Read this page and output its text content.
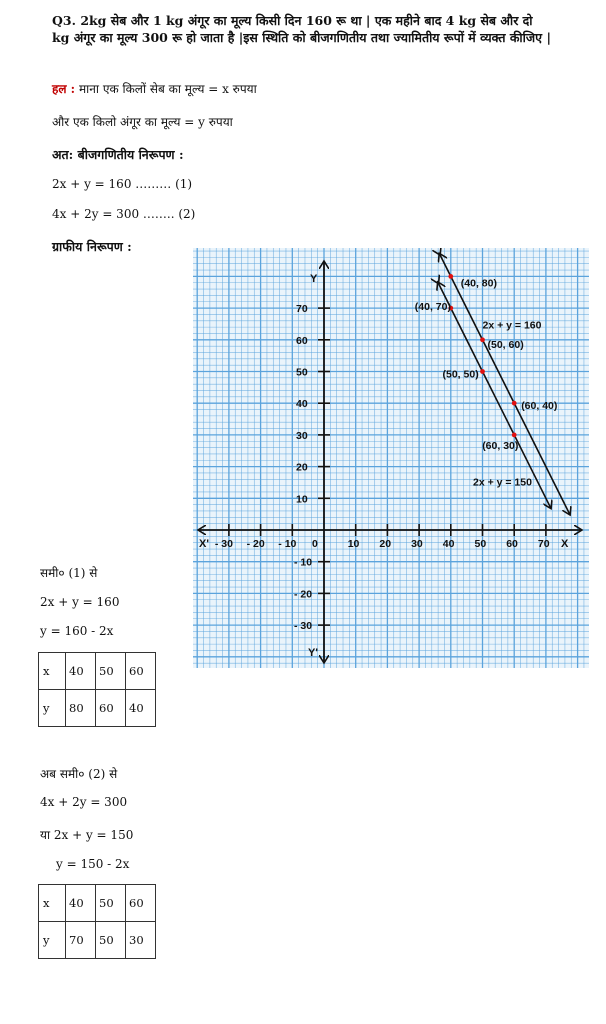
Q3. 2kg सेब और 1 kg अंगूर का मूल्य किसी दिन 160 रू था | एक महीने बाद 4 kg सेब और दो kg अंगूर का मूल्य 300 रू हो जाता है |इस स्थिति को बीजगणितीय तथा ज्यामितीय रूपों में व्यक्त कीजिए |
हल : माना एक किलों सेब का मूल्य = x रुपया
और एक किलो अंगूर का मूल्य = y रुपया
अत: बीजगणितीय निरूपण :
2x + y = 160 ……… (1)
4x + 2y = 300 …….. (2)
ग्राफीय निरूपण :
समी० (1) से
2x + y = 160
y = 160 - 2x
x	40	50	60
y	80	60	40
अब समी० (2) से
4x + 2y = 300
या 2x + y = 150
y = 150 - 2x
x	40	50	60
y	70	50	30
X
X'
Y
Y'
- 30 - 20 - 10 0	10 20 30 40 50 60 70
70
60
50
40
30
20
10
- 10
- 20
- 30
2x + y = 160
(40, 80)
(50, 60)
(60, 40)
2x + y = 150
(40, 70)
(50, 50)
(60, 30)
